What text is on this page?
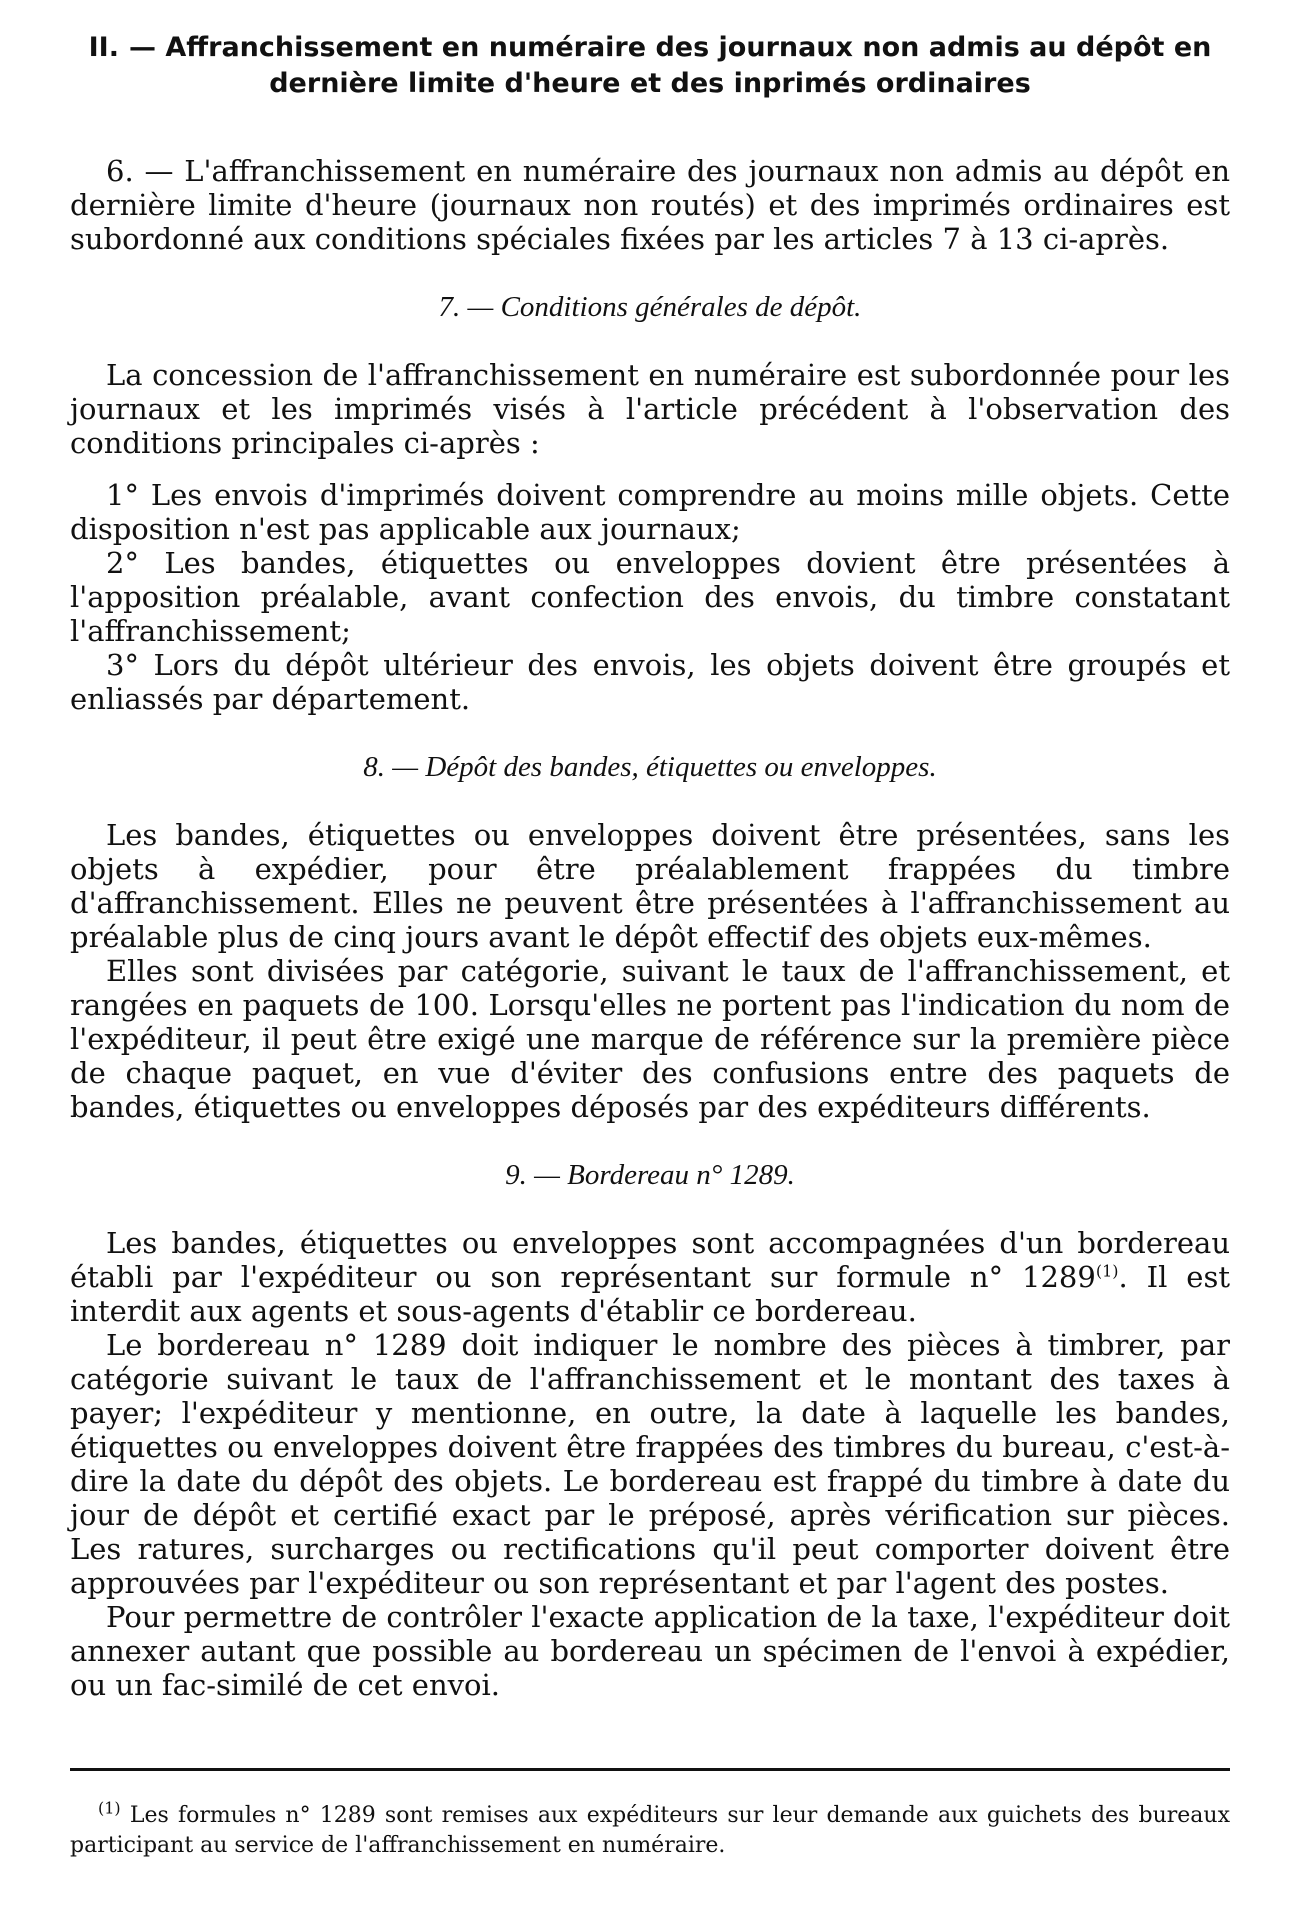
II. — Affranchissement en numéraire des journaux non admis au dépôt en dernière limite d'heure et des inprimés ordinaires

6. — L'affranchissement en numéraire des journaux non admis au dépôt en dernière limite d'heure (journaux non routés) et des imprimés ordinaires est subordonné aux conditions spéciales fixées par les articles 7 à 13 ci-après.

7. — Conditions générales de dépôt.

La concession de l'affranchissement en numéraire est subordonnée pour les journaux et les imprimés visés à l'article précédent à l'observation des conditions principales ci-après :

1° Les envois d'imprimés doivent comprendre au moins mille objets. Cette disposition n'est pas applicable aux journaux;

2° Les bandes, étiquettes ou enveloppes dovient être présentées à l'apposition préalable, avant confection des envois, du timbre constatant l'affranchissement;

3° Lors du dépôt ultérieur des envois, les objets doivent être groupés et enliassés par département.

8. — Dépôt des bandes, étiquettes ou enveloppes.

Les bandes, étiquettes ou enveloppes doivent être présentées, sans les objets à expédier, pour être préalablement frappées du timbre d'affranchissement. Elles ne peuvent être présentées à l'affranchissement au préalable plus de cinq jours avant le dépôt effectif des objets eux-mêmes.

Elles sont divisées par catégorie, suivant le taux de l'affranchissement, et rangées en paquets de 100. Lorsqu'elles ne portent pas l'indication du nom de l'expéditeur, il peut être exigé une marque de référence sur la première pièce de chaque paquet, en vue d'éviter des confusions entre des paquets de bandes, étiquettes ou enveloppes déposés par des expéditeurs différents.

9. — Bordereau n° 1289.

Les bandes, étiquettes ou enveloppes sont accompagnées d'un bordereau établi par l'expéditeur ou son représentant sur formule n° 1289$^{(1)}$. Il est interdit aux agents et sous-agents d'établir ce bordereau.

Le bordereau n° 1289 doit indiquer le nombre des pièces à timbrer, par catégorie suivant le taux de l'affranchissement et le montant des taxes à payer; l'expéditeur y mentionne, en outre, la date à laquelle les bandes, étiquettes ou enveloppes doivent être frappées des timbres du bureau, c'est-à-dire la date du dépôt des objets. Le bordereau est frappé du timbre à date du jour de dépôt et certifié exact par le préposé, après vérification sur pièces. Les ratures, surcharges ou rectifications qu'il peut comporter doivent être approuvées par l'expéditeur ou son représentant et par l'agent des postes.

Pour permettre de contrôler l'exacte application de la taxe, l'expéditeur doit annexer autant que possible au bordereau un spécimen de l'envoi à expédier, ou un fac-similé de cet envoi.

$^{(1)}$ Les formules n° 1289 sont remises aux expéditeurs sur leur demande aux guichets des bureaux participant au service de l'affranchissement en numéraire.
